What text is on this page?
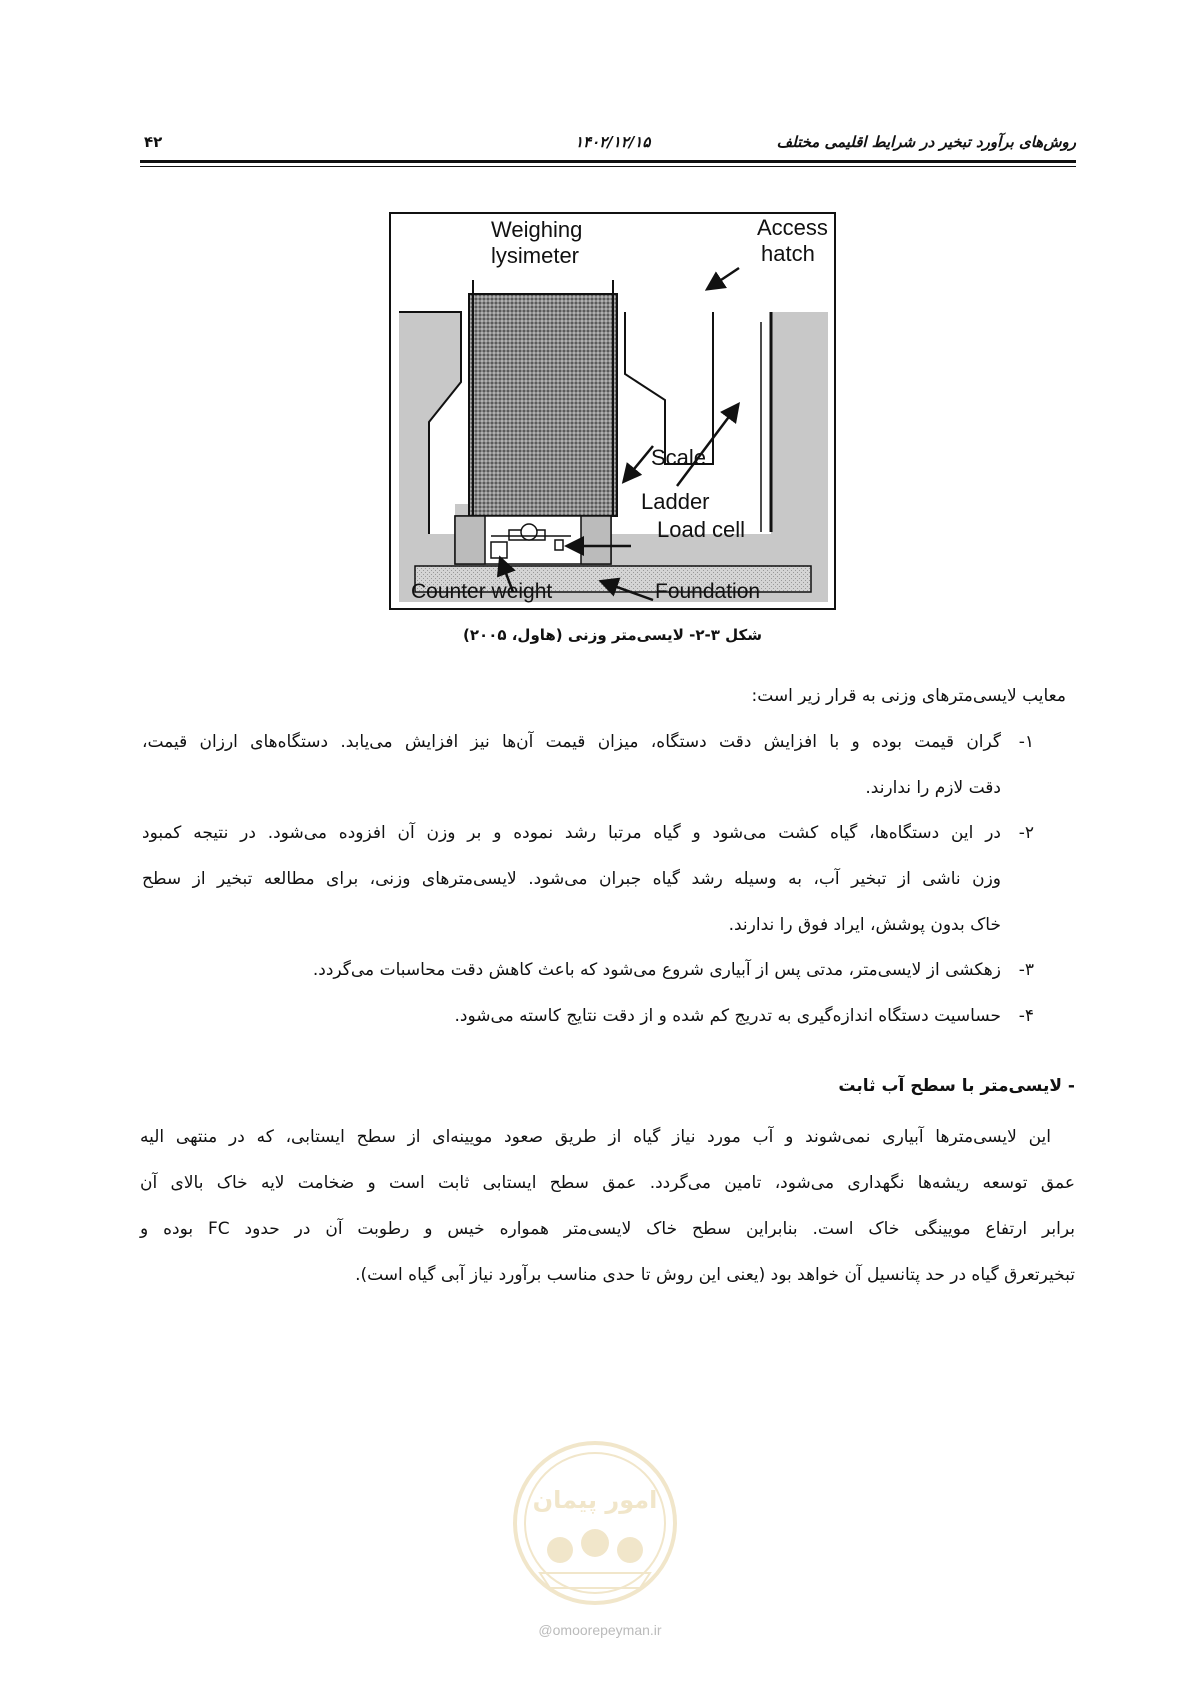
۴۲	۱۴۰۲/۱۲/۱۵	روش‌های برآورد تبخیر در شرایط اقلیمی مختلف
Weighing
lysimeter
Access
hatch
Scale
Ladder
Load cell
Counter weight	Foundation
شکل ۳-۲- لایسی‌متر وزنی (هاول، ۲۰۰۵)
معایب لایسی‌مترهای وزنی به قرار زیر است:
۱-
گران قیمت بوده و با افزایش دقت دستگاه، میزان قیمت آن‌ها نیز افزایش می‌یابد. دستگاه‌های ارزان قیمت،
دقت لازم را ندارند.
۲-
در این دستگاه‌ها، گیاه کشت می‌شود و گیاه مرتبا رشد نموده و بر وزن آن افزوده می‌شود. در نتیجه کمبود
وزن ناشی از تبخیر آب، به وسیله رشد گیاه جبران می‌شود. لایسی‌مترهای وزنی، برای مطالعه تبخیر از سطح
خاک بدون پوشش، ایراد فوق را ندارند.
۳-
زهکشی از لایسی‌متر، مدتی پس از آبیاری شروع می‌شود که باعث کاهش دقت محاسبات می‌گردد.
۴-
حساسیت دستگاه اندازه‌گیری به تدریج کم شده و از دقت نتایج کاسته می‌شود.
- لایسی‌متر با سطح آب ثابت
این لایسی‌مترها آبیاری نمی‌شوند و آب مورد نیاز گیاه از طریق صعود مویینه‌ای از سطح ایستابی، که در منتهی الیه
عمق توسعه ریشه‌ها نگهداری می‌شود، تامین می‌گردد. عمق سطح ایستابی ثابت است و ضخامت لایه خاک بالای آن
برابر ارتفاع مویینگی خاک است. بنابراین سطح خاک لایسی‌متر همواره خیس و رطوبت آن در حدود FC بوده و
تبخیرتعرق گیاه در حد پتانسیل آن خواهد بود (یعنی این روش تا حدی مناسب برآورد نیاز آبی گیاه است).
امور پیمان
@omoorepeyman.ir
